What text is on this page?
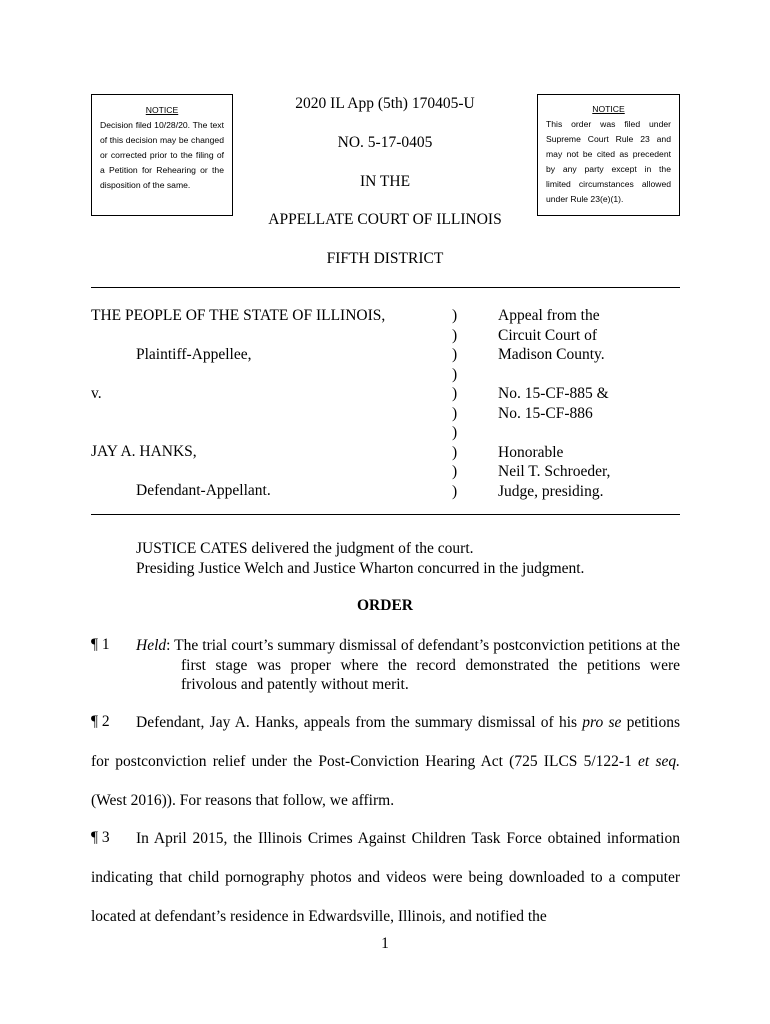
NOTICE
Decision filed 10/28/20. The text of this decision may be changed or corrected prior to the filing of a Petition for Rehearing or the disposition of the same.
NOTICE
This order was filed under Supreme Court Rule 23 and may not be cited as precedent by any party except in the limited circumstances allowed under Rule 23(e)(1).
2020 IL App (5th) 170405-U
NO. 5-17-0405
IN THE
APPELLATE COURT OF ILLINOIS
FIFTH DISTRICT
THE PEOPLE OF THE STATE OF ILLINOIS,
Plaintiff-Appellee,
v.
JAY A. HANKS,
Defendant-Appellant.
)
)
)
)
)
)
)
)
)
)
Appeal from the
Circuit Court of
Madison County.
No. 15-CF-885 &
No. 15-CF-886
Honorable
Neil T. Schroeder,
Judge, presiding.
JUSTICE CATES delivered the judgment of the court.
Presiding Justice Welch and Justice Wharton concurred in the judgment.
ORDER
¶ 1 Held: The trial court’s summary dismissal of defendant’s postconviction petitions at the first stage was proper where the record demonstrated the petitions were frivolous and patently without merit.
¶ 2	Defendant, Jay A. Hanks, appeals from the summary dismissal of his pro se petitions for postconviction relief under the Post-Conviction Hearing Act (725 ILCS 5/122-1 et seq. (West 2016)). For reasons that follow, we affirm.
¶ 3	In April 2015, the Illinois Crimes Against Children Task Force obtained information indicating that child pornography photos and videos were being downloaded to a computer located at defendant’s residence in Edwardsville, Illinois, and notified the
1
